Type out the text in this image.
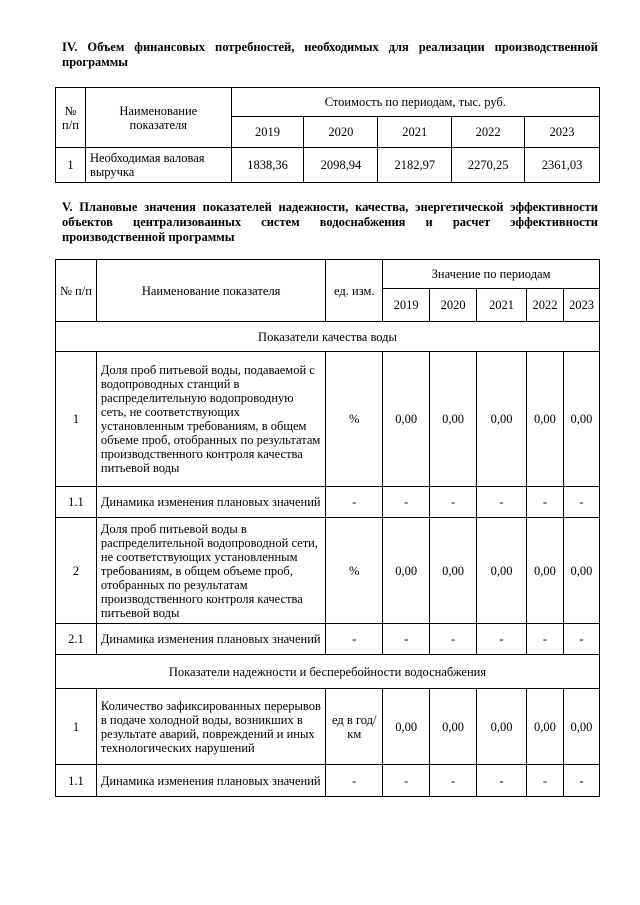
IV. Объем финансовых потребностей, необходимых для реализации производственной программы
№ п/п	Наименование показателя	Стоимость по периодам, тыс. руб.				
		2019	2020	2021	2022	2023
1	Необходимая валовая выручка	1838,36	2098,94	2182,97	2270,25	2361,03
V. Плановые значения показателей надежности, качества, энергетической эффективности объектов централизованных систем водоснабжения и расчет эффективности производственной программы
№ п/п	Наименование показателя	ед. изм.	Значение по периодам				
			2019	2020	2021	2022	2023
Показатели качества воды							
1	Доля проб питьевой воды, подаваемой с водопроводных станций в распределительную водопроводную сеть, не соответствующих установленным требованиям, в общем объеме проб, отобранных по результатам производственного контроля качества питьевой воды	%	0,00	0,00	0,00	0,00	0,00
1.1	Динамика изменения плановых значений	-	-	-	-	-	-
2	Доля проб питьевой воды в распределительной водопроводной сети, не соответствующих установленным требованиям, в общем объеме проб, отобранных по результатам производственного контроля качества питьевой воды	%	0,00	0,00	0,00	0,00	0,00
2.1	Динамика изменения плановых значений	-	-	-	-	-	-
Показатели надежности и бесперебойности водоснабжения							
1	Количество зафиксированных перерывов в подаче холодной воды, возникших в результате аварий, повреждений и иных технологических нарушений	ед в год/ км	0,00	0,00	0,00	0,00	0,00
1.1	Динамика изменения плановых значений	-	-	-	-	-	-
